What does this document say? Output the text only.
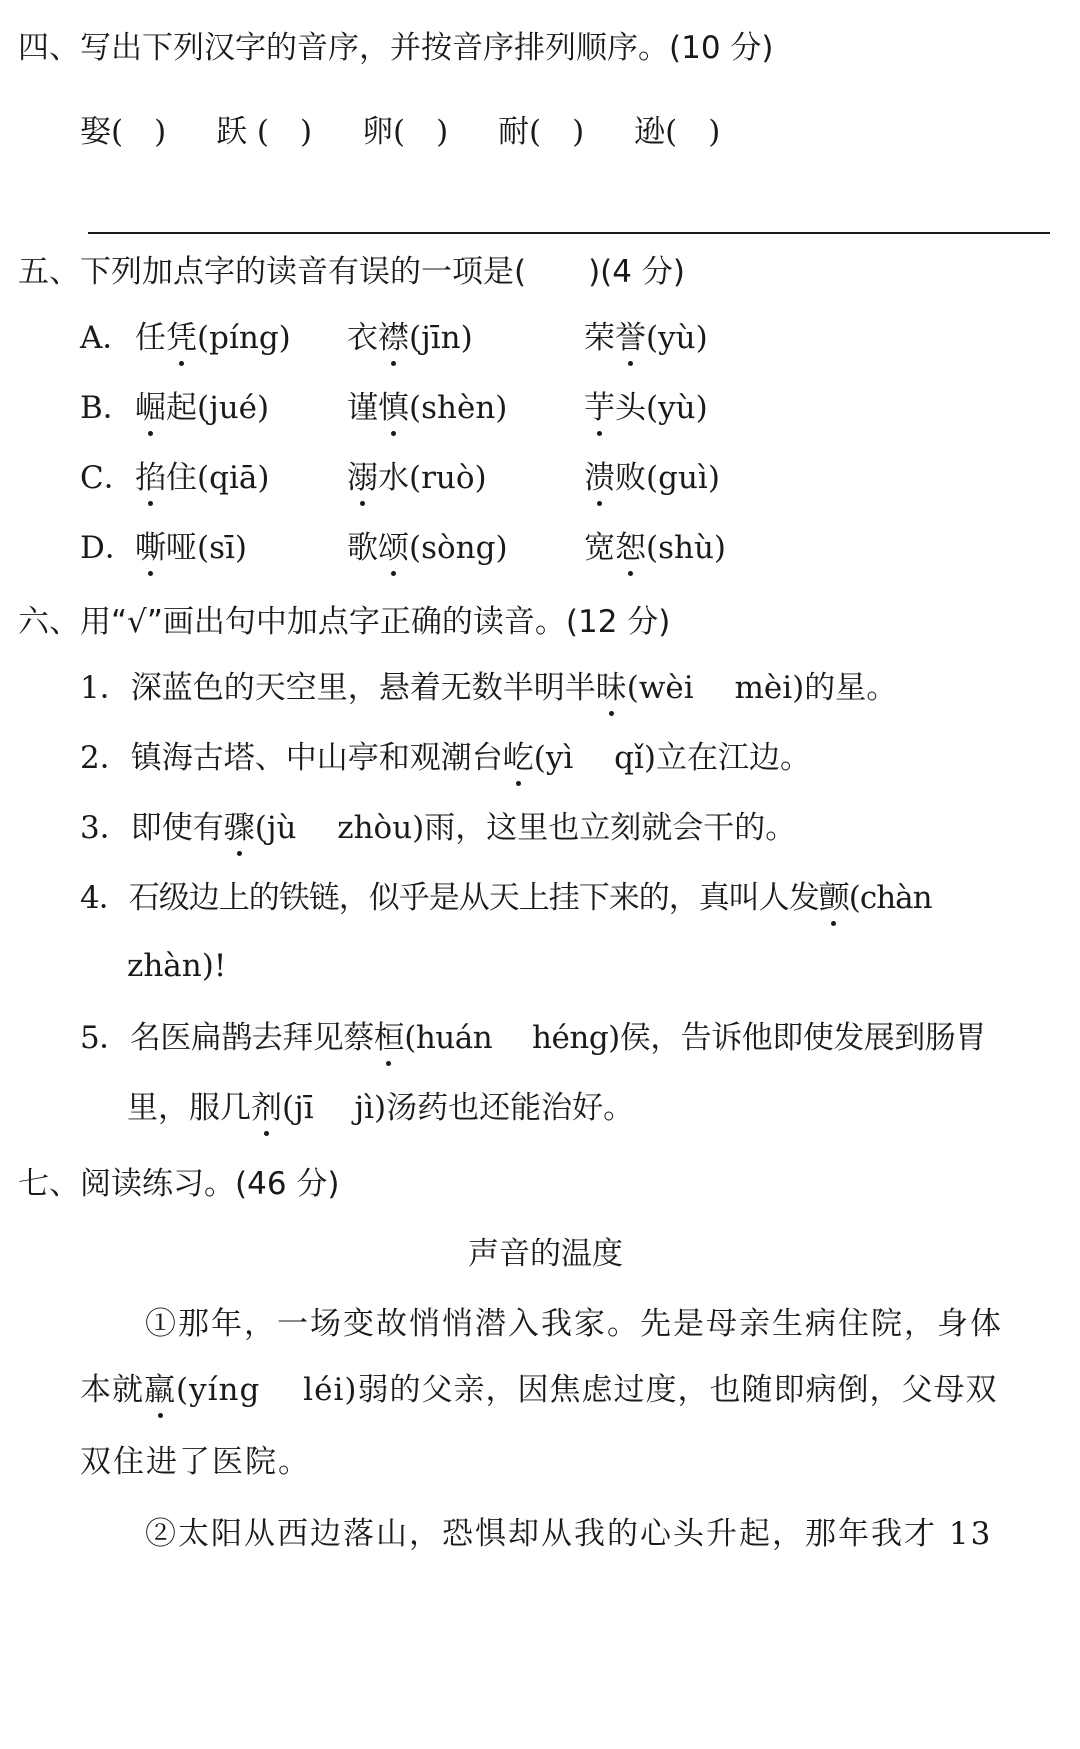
四、写出下列汉字的音序，并按音序排列顺序。(10 分)
娶(　) 跃 (　) 卵(　) 耐(　) 逊(　)
五、下列加点字的读音有误的一项是(　　)(4 分)
A． 任凭(píng) 衣襟(jīn)	荣誉(yù)
B． 崛起(jué)	谨慎(shèn) 芋头(yù)
C． 掐住(qiā)	溺水(ruò)	溃败(guì)
D． 嘶哑(sī)	歌颂(sòng) 宽恕(shù)
六、用“√”画出句中加点字正确的读音。(12 分)
1．深蓝色的天空里，悬着无数半明半昧(wèi　 mèi)的星。
2．镇海古塔、中山亭和观潮台屹(yì　 qǐ)立在江边。
3．即使有骤(jù　 zhòu)雨，这里也立刻就会干的。
4．石级边上的铁链，似乎是从天上挂下来的，真叫人发颤(chàn
zhàn)!
5．名医扁鹊去拜见蔡桓(huán　 héng)侯，告诉他即使发展到肠胃
里，服几剂(jī　 jì)汤药也还能治好。
七、阅读练习。(46 分)
声音的温度
①那年，一场变故悄悄潜入我家。先是母亲生病住院，身体
本就羸(yíng　 léi)弱的父亲，因焦虑过度，也随即病倒，父母双
双住进了医院。
②太阳从西边落山，恐惧却从我的心头升起，那年我才 13
